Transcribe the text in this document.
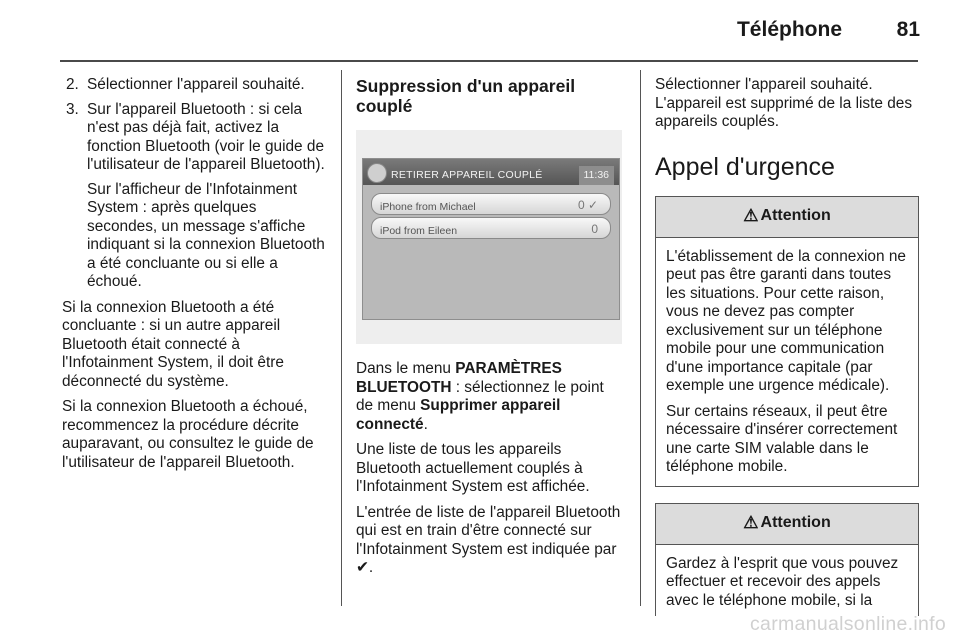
Téléphone	81
2. Sélectionner l'appareil souhaité.
3. Sur l'appareil Bluetooth : si cela n'est pas déjà fait, activez la fonction Bluetooth (voir le guide de l'utilisateur de l'appareil Bluetooth).
Sur l'afficheur de l'Infotainment System : après quelques secondes, un message s'affiche indiquant si la connexion Bluetooth a été concluante ou si elle a échoué.

Si la connexion Bluetooth a été concluante : si un autre appareil Bluetooth était connecté à l'Infotainment System, il doit être déconnecté du système.

Si la connexion Bluetooth a échoué, recommencez la procédure décrite auparavant, ou consultez le guide de l'utilisateur de l'appareil Bluetooth.

Suppression d'un appareil couplé
RETIRER APPAREIL COUPLÉ	11:36
iPhone from Michael	0 ✓
iPod from Eileen	0

Dans le menu PARAMÈTRES BLUETOOTH : sélectionnez le point de menu Supprimer appareil connecté.

Une liste de tous les appareils Bluetooth actuellement couplés à l'Infotainment System est affichée.

L'entrée de liste de l'appareil Bluetooth qui est en train d'être connecté sur l'Infotainment System est indiquée par ✔.

Sélectionner l'appareil souhaité. L'appareil est supprimé de la liste des appareils couplés.

Appel d'urgence
⚠ Attention

L'établissement de la connexion ne peut pas être garanti dans toutes les situations. Pour cette raison, vous ne devez pas compter exclusivement sur un téléphone mobile pour une communication d'une importance capitale (par exemple une urgence médicale).

Sur certains réseaux, il peut être nécessaire d'insérer correctement une carte SIM valable dans le téléphone mobile.

⚠ Attention

Gardez à l'esprit que vous pouvez effectuer et recevoir des appels avec le téléphone mobile, si la

carmanualsonline.info
